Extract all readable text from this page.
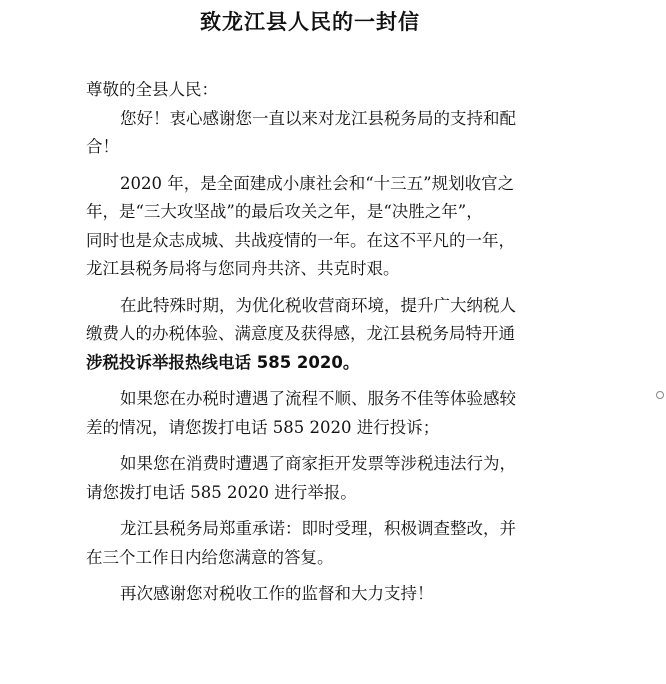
致龙江县人民的一封信
尊敬的全县人民：
您好！衷心感谢您一直以来对龙江县税务局的支持和配
合！
2020 年，是全面建成小康社会和“十三五”规划收官之
年，是“三大攻坚战”的最后攻关之年，是“决胜之年”，
同时也是众志成城、共战疫情的一年。在这不平凡的一年，
龙江县税务局将与您同舟共济、共克时艰。
在此特殊时期，为优化税收营商环境，提升广大纳税人
缴费人的办税体验、满意度及获得感，龙江县税务局特开通
涉税投诉举报热线电话 585 2020。
如果您在办税时遭遇了流程不顺、服务不佳等体验感较
差的情况，请您拨打电话 585 2020 进行投诉；
如果您在消费时遭遇了商家拒开发票等涉税违法行为，
请您拨打电话 585 2020 进行举报。
龙江县税务局郑重承诺：即时受理，积极调查整改，并
在三个工作日内给您满意的答复。
再次感谢您对税收工作的监督和大力支持！
